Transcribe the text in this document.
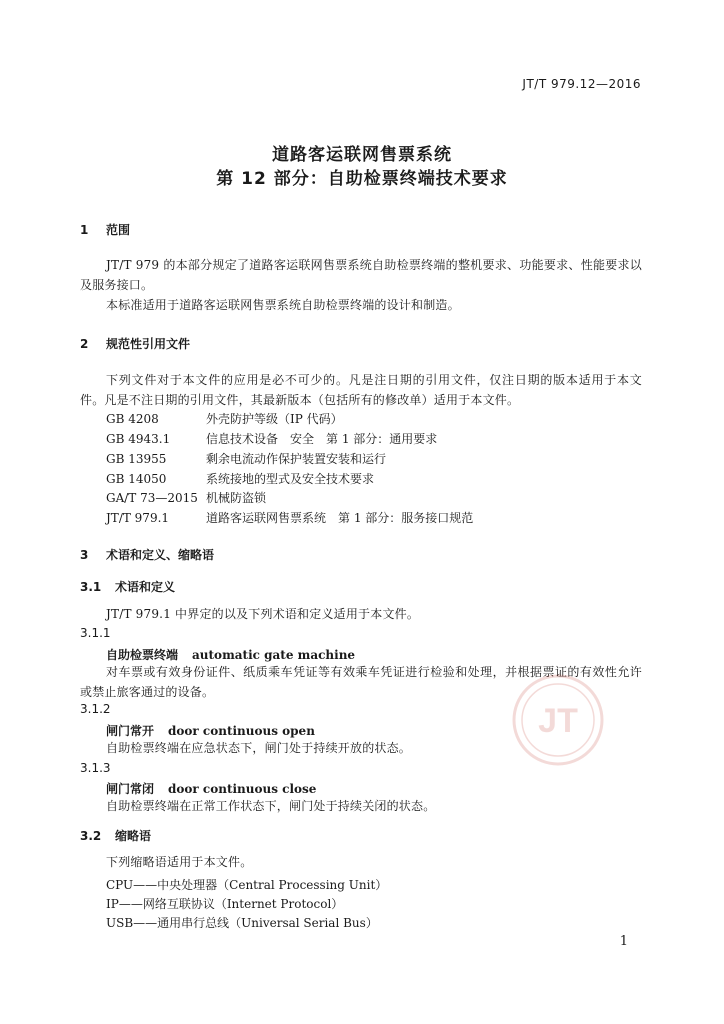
JT/T 979.12—2016
道路客运联网售票系统
第 12 部分：自助检票终端技术要求
1 范围
JT/T 979 的本部分规定了道路客运联网售票系统自助检票终端的整机要求、功能要求、性能要求以及服务接口。
本标准适用于道路客运联网售票系统自助检票终端的设计和制造。
2 规范性引用文件
下列文件对于本文件的应用是必不可少的。凡是注日期的引用文件，仅注日期的版本适用于本文件。凡是不注日期的引用文件，其最新版本（包括所有的修改单）适用于本文件。
GB 4208	外壳防护等级（IP 代码）
GB 4943.1	信息技术设备　安全　第 1 部分：通用要求
GB 13955	剩余电流动作保护装置安装和运行
GB 14050	系统接地的型式及安全技术要求
GA/T 73—2015 机械防盗锁
JT/T 979.1	道路客运联网售票系统　第 1 部分：服务接口规范
3 术语和定义、缩略语
3.1 术语和定义
JT/T 979.1 中界定的以及下列术语和定义适用于本文件。
3.1.1
自助检票终端 automatic gate machine
对车票或有效身份证件、纸质乘车凭证等有效乘车凭证进行检验和处理，并根据票证的有效性允许或禁止旅客通过的设备。
3.1.2
闸门常开 door continuous open
自助检票终端在应急状态下，闸门处于持续开放的状态。
3.1.3
闸门常闭 door continuous close
自助检票终端在正常工作状态下，闸门处于持续关闭的状态。
3.2 缩略语
下列缩略语适用于本文件。
CPU——中央处理器（Central Processing Unit）
IP——网络互联协议（Internet Protocol）
USB——通用串行总线（Universal Serial Bus）
JT
1
